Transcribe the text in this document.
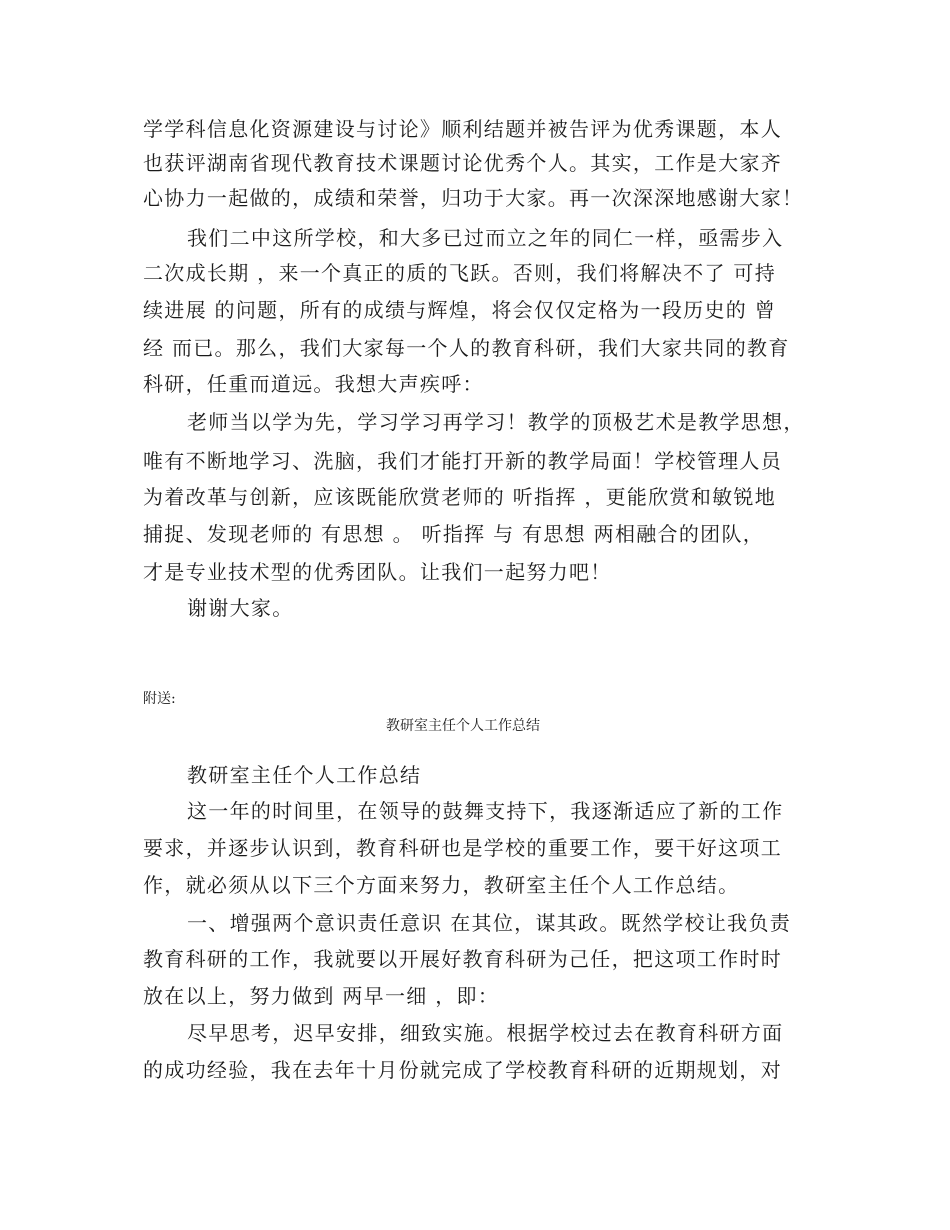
学学科信息化资源建设与讨论》顺利结题并被告评为优秀课题，本人
也获评湖南省现代教育技术课题讨论优秀个人。其实，工作是大家齐
心协力一起做的，成绩和荣誉，归功于大家。再一次深深地感谢大家！
我们二中这所学校，和大多已过而立之年的同仁一样，亟需步入
二次成长期 ，来一个真正的质的飞跃。否则，我们将解决不了 可持
续进展 的问题，所有的成绩与辉煌，将会仅仅定格为一段历史的 曾
经 而已。那么，我们大家每一个人的教育科研，我们大家共同的教育
科研，任重而道远。我想大声疾呼：
老师当以学为先，学习学习再学习！教学的顶极艺术是教学思想，
唯有不断地学习、洗脑，我们才能打开新的教学局面！学校管理人员
为着改革与创新，应该既能欣赏老师的 听指挥 ，更能欣赏和敏锐地
捕捉、发现老师的 有思想 。 听指挥 与 有思想 两相融合的团队，
才是专业技术型的优秀团队。让我们一起努力吧！
谢谢大家。
附送:
教研室主任个人工作总结
教研室主任个人工作总结
这一年的时间里，在领导的鼓舞支持下，我逐渐适应了新的工作
要求，并逐步认识到，教育科研也是学校的重要工作，要干好这项工
作，就必须从以下三个方面来努力，教研室主任个人工作总结。
一、增强两个意识责任意识 在其位，谋其政。既然学校让我负责
教育科研的工作，我就要以开展好教育科研为己任，把这项工作时时
放在以上，努力做到 两早一细 ，即：
尽早思考，迟早安排，细致实施。根据学校过去在教育科研方面
的成功经验，我在去年十月份就完成了学校教育科研的近期规划，对
